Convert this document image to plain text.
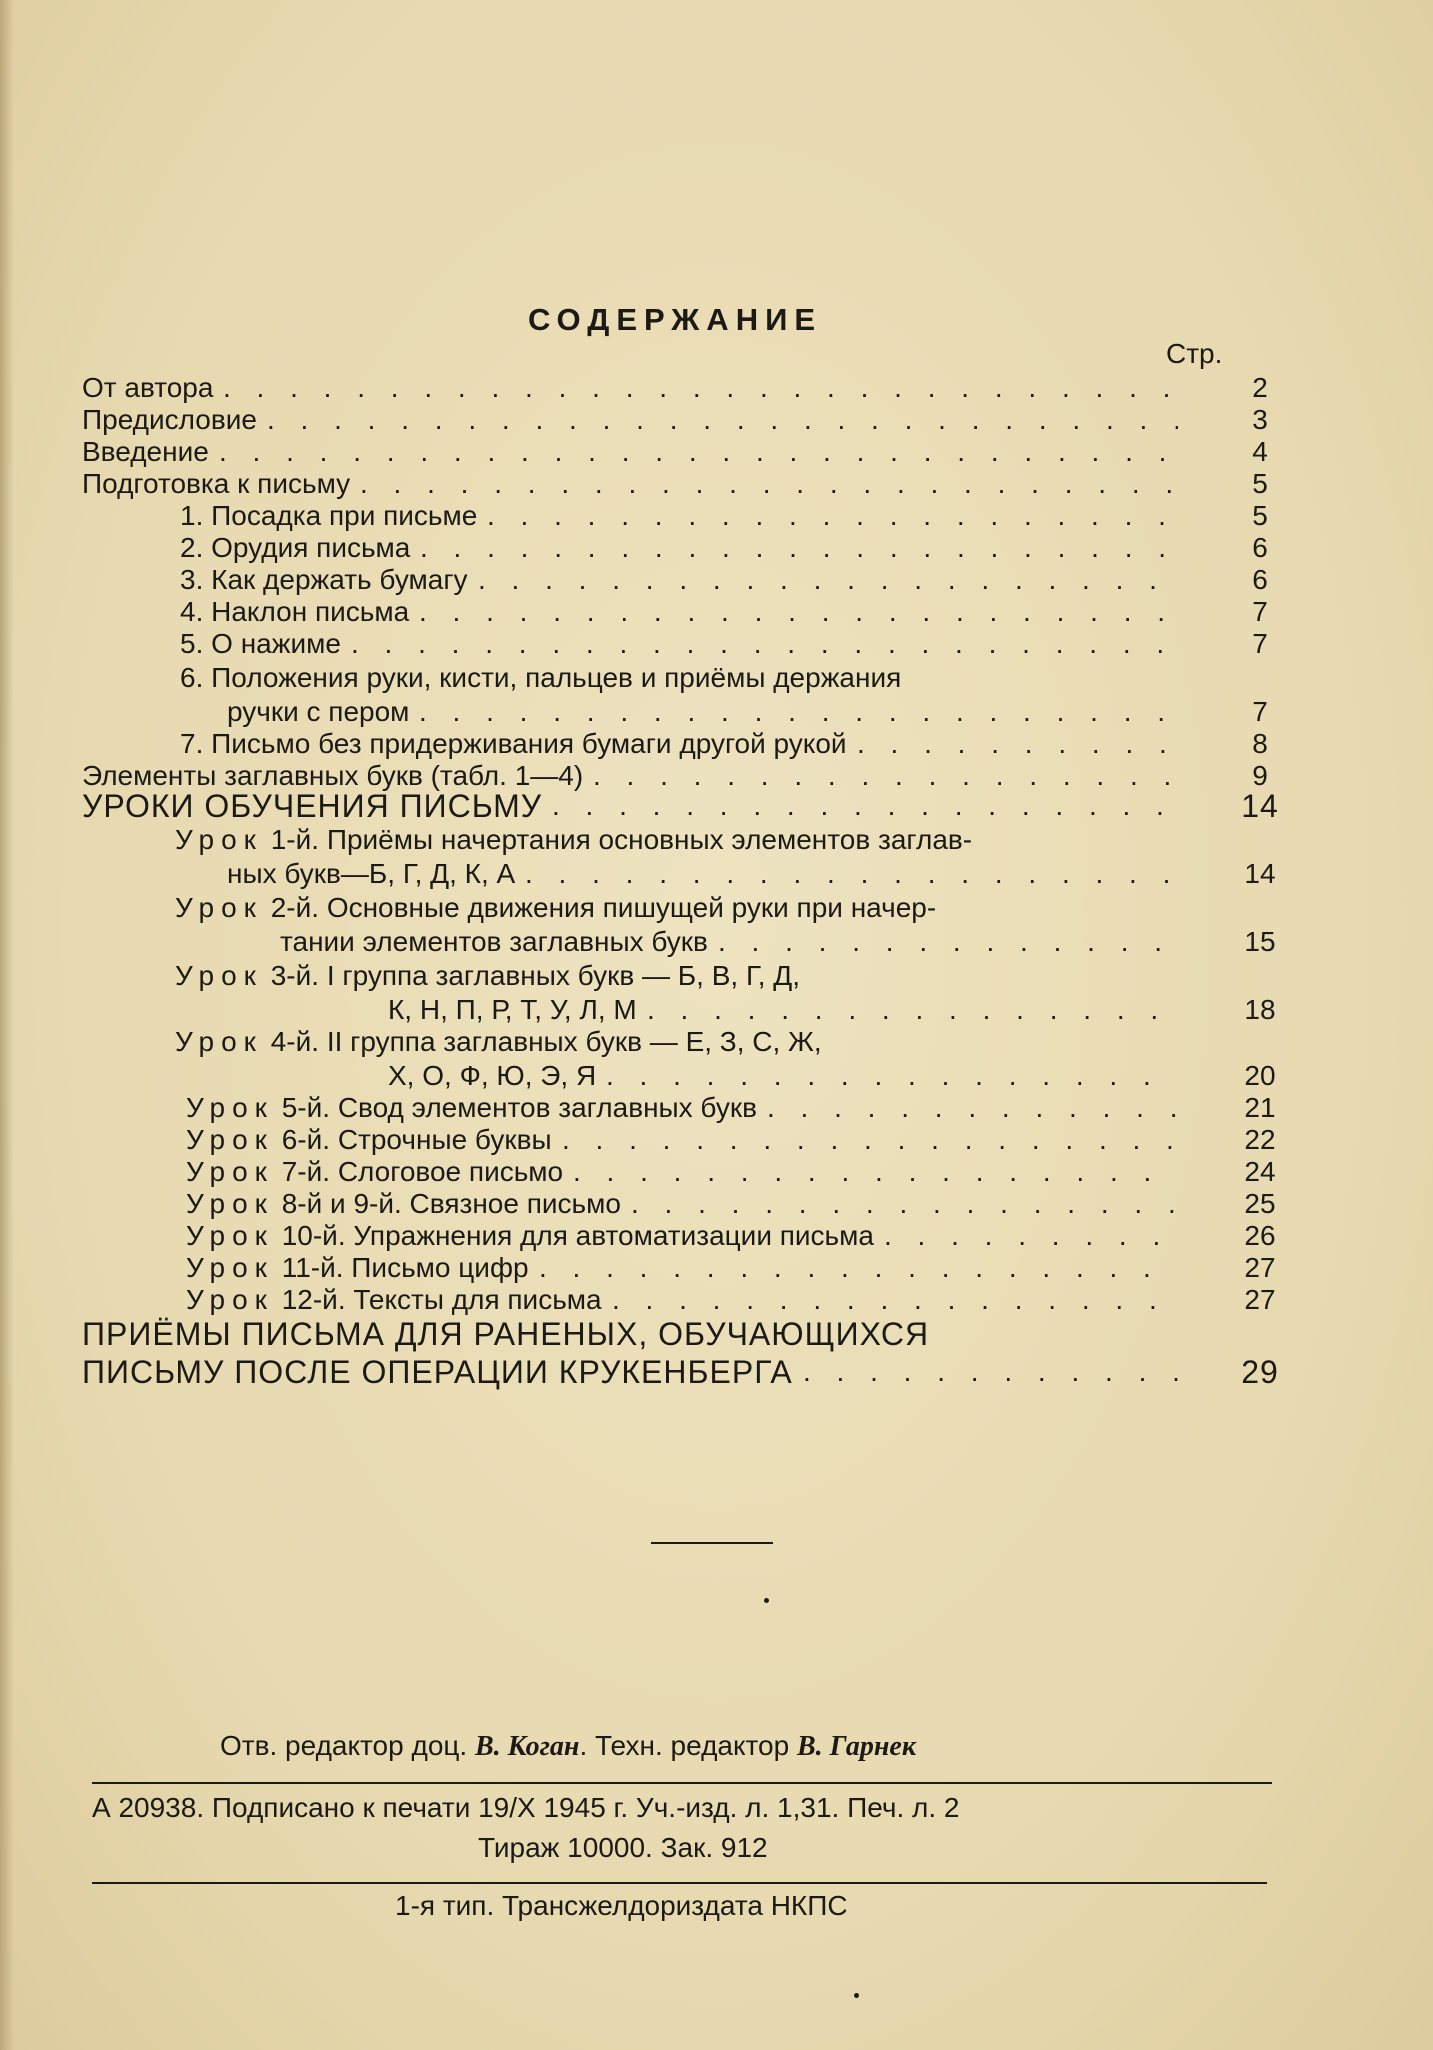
СОДЕРЖАНИЕ
Стр.
От автора . . .	2
Предисловие . . .	3
Введение . . .	4
Подготовка к письму . . .	5
1. Посадка при письме . . .	5
2. Орудия письма . . .	6
3. Как держать бумагу . . .	6
4. Наклон письма . . .	7
5. О нажиме . . .	7
6. Положения руки, кисти, пальцев и приёмы держания
ручки с пером . . .	7
7. Письмо без придерживания бумаги другой рукой . . .	8
Элементы заглавных букв (табл. 1—4) . . .	9
УРОКИ ОБУЧЕНИЯ ПИСЬМУ . . .	14
Урок 1-й. Приёмы начертания основных элементов заглав-
ных букв—Б, Г, Д, К, А . . .	14
Урок 2-й. Основные движения пишущей руки при начер-
тании элементов заглавных букв . . .	15
Урок 3-й. I группа заглавных букв — Б, В, Г, Д,
К, Н, П, Р, Т, У, Л, М . . .	18
Урок 4-й. II группа заглавных букв — Е, З, С, Ж,
Х, О, Ф, Ю, Э, Я . . .	20
Урок 5-й. Свод элементов заглавных букв . . .	21
Урок 6-й. Строчные буквы . . .	22
Урок 7-й. Слоговое письмо . . .	24
Урок 8-й и 9-й. Связное письмо . . .	25
Урок 10-й. Упражнения для автоматизации письма . . .	26
Урок 11-й. Письмо цифр . . .	27
Урок 12-й. Тексты для письма . . .	27
ПРИЁМЫ ПИСЬМА ДЛЯ РАНЕНЫХ, ОБУЧАЮЩИХСЯ
ПИСЬМУ ПОСЛЕ ОПЕРАЦИИ КРУКЕНБЕРГА . . .	29
Отв. редактор доц. В. Коган. Техн. редактор В. Гарнек
А 20938. Подписано к печати 19/Х 1945 г. Уч.-изд. л. 1,31. Печ. л. 2
Тираж 10000. Зак. 912
1-я тип. Трансжелдориздата НКПС
